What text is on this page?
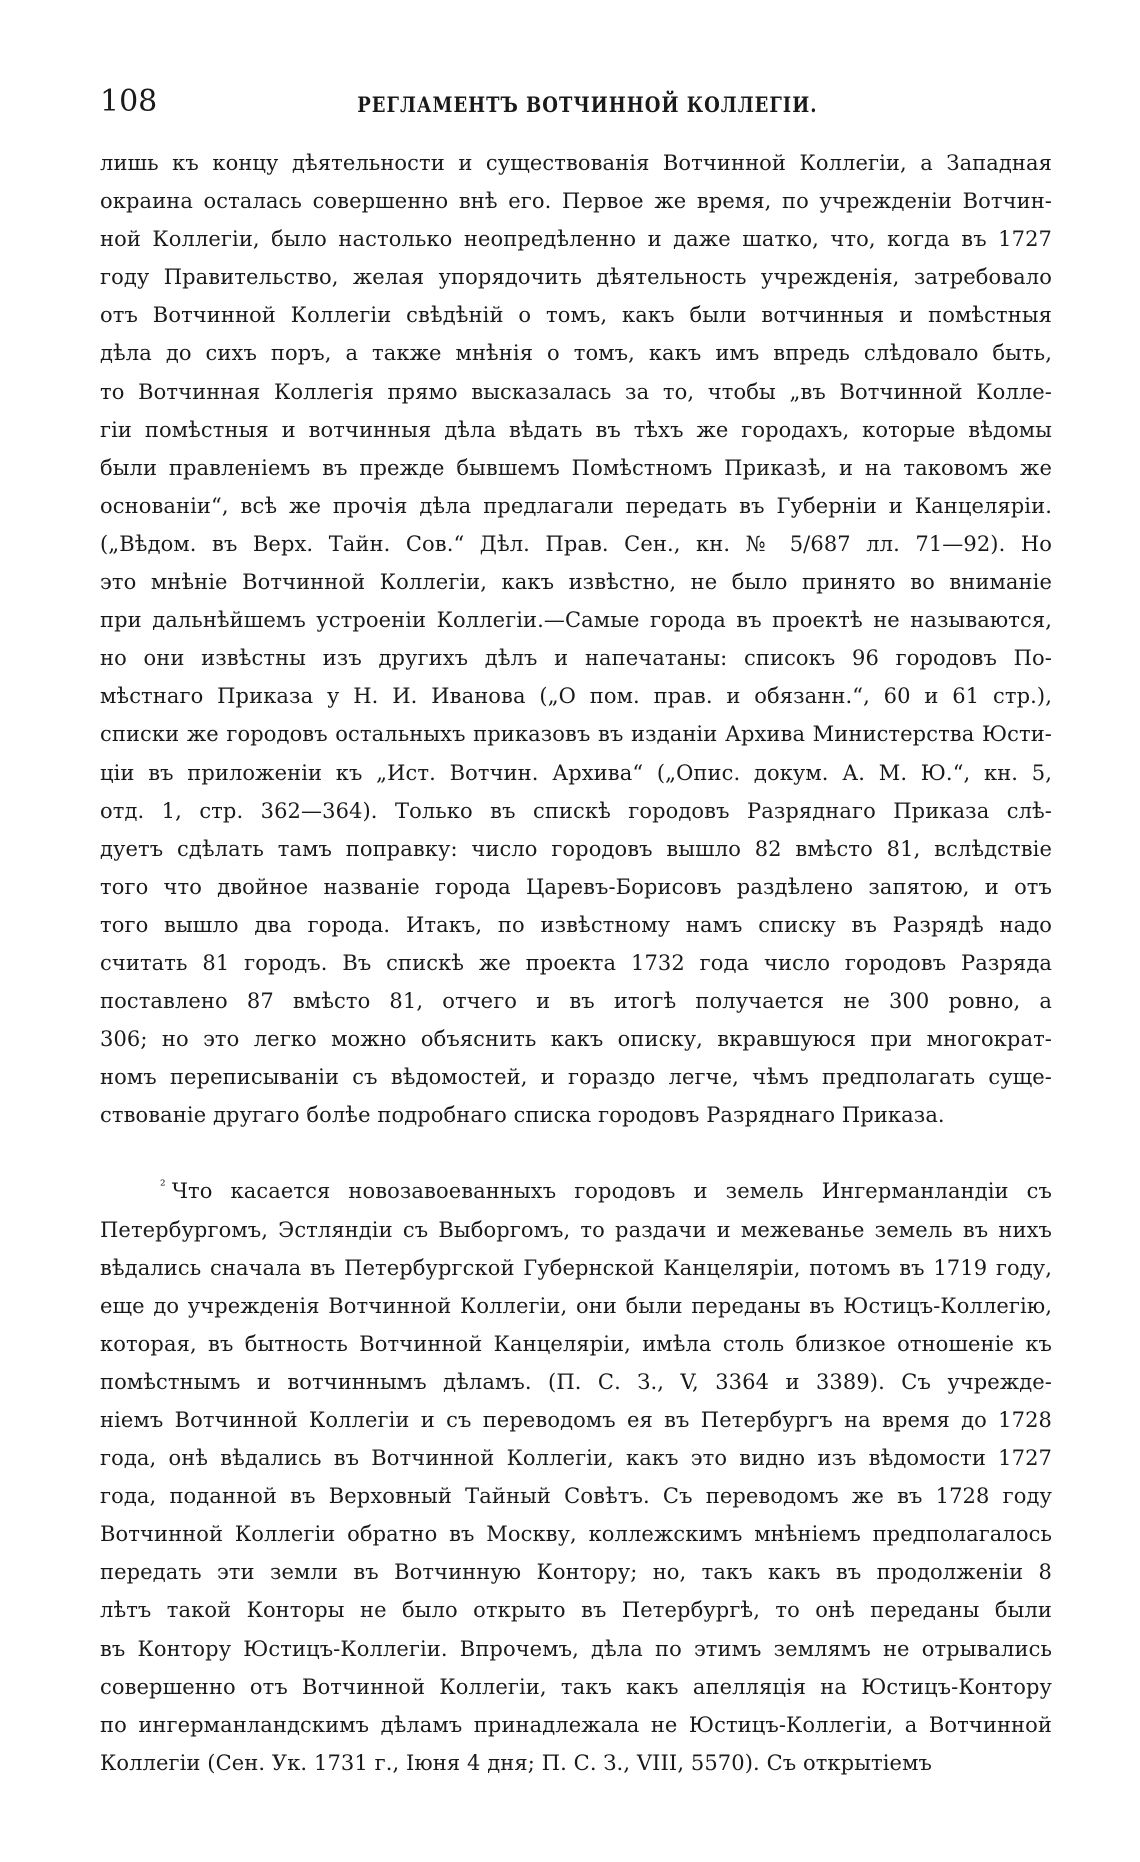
108	РЕГЛАМЕНТЪ ВОТЧИННОЙ КОЛЛЕГІИ.
лишь къ концу дѣятельности и существованія Вотчинной Коллегіи, а Западная
окраина осталась совершенно внѣ его. Первое же время, по учрежденіи Вотчин-
ной Коллегіи, было настолько неопредѣленно и даже шатко, что, когда въ 1727
году Правительство, желая упорядочить дѣятельность учрежденія, затребовало
отъ Вотчинной Коллегіи свѣдѣній о томъ, какъ были вотчинныя и помѣстныя
дѣла до сихъ поръ, а также мнѣнія о томъ, какъ имъ впредь слѣдовало быть,
то Вотчинная Коллегія прямо высказалась за то, чтобы „въ Вотчинной Колле-
гіи помѣстныя и вотчинныя дѣла вѣдать въ тѣхъ же городахъ, которые вѣдомы
были правленіемъ въ прежде бывшемъ Помѣстномъ Приказѣ, и на таковомъ же
основаніи“, всѣ же прочія дѣла предлагали передать въ Губерніи и Канцеляріи.
(„Вѣдом. въ Верх. Тайн. Сов.“ Дѣл. Прав. Сен., кн. № 5/687 лл. 71—92). Но
это мнѣніе Вотчинной Коллегіи, какъ извѣстно, не было принято во вниманіе
при дальнѣйшемъ устроеніи Коллегіи.—Самые города въ проектѣ не называются,
но они извѣстны изъ другихъ дѣлъ и напечатаны: списокъ 96 городовъ По-
мѣстнаго Приказа у Н. И. Иванова („О пом. прав. и обязанн.“, 60 и 61 стр.),
списки же городовъ остальныхъ приказовъ въ изданіи Архива Министерства Юсти-
ціи въ приложеніи къ „Ист. Вотчин. Архива“ („Опис. докум. А. М. Ю.“, кн. 5,
отд. 1, стр. 362—364). Только въ спискѣ городовъ Разряднаго Приказа слѣ-
дуетъ сдѣлать тамъ поправку: число городовъ вышло 82 вмѣсто 81, вслѣдствіе
того что двойное названіе города Царевъ-Борисовъ раздѣлено запятою, и отъ
того вышло два города. Итакъ, по извѣстному намъ списку въ Разрядѣ надо
считать 81 городъ. Въ спискѣ же проекта 1732 года число городовъ Разряда
поставлено 87 вмѣсто 81, отчего и въ итогѣ получается не 300 ровно, а
306; но это легко можно объяснить какъ описку, вкравшуюся при многократ-
номъ переписываніи съ вѣдомостей, и гораздо легче, чѣмъ предполагать суще-
ствованіе другаго болѣе подробнаго списка городовъ Разряднаго Приказа.
$^{^2}$ Что касается новозавоеванныхъ городовъ и земель Ингерманландіи съ
Петербургомъ, Эстляндіи съ Выборгомъ, то раздачи и межеванье земель въ нихъ
вѣдались сначала въ Петербургской Губернской Канцеляріи, потомъ въ 1719 году,
еще до учрежденія Вотчинной Коллегіи, они были переданы въ Юстицъ-Коллегію,
которая, въ бытность Вотчинной Канцеляріи, имѣла столь близкое отношеніе къ
помѣстнымъ и вотчиннымъ дѣламъ. (П. С. З., V, 3364 и 3389). Съ учрежде-
ніемъ Вотчинной Коллегіи и съ переводомъ ея въ Петербургъ на время до 1728
года, онѣ вѣдались въ Вотчинной Коллегіи, какъ это видно изъ вѣдомости 1727
года, поданной въ Верховный Тайный Совѣтъ. Съ переводомъ же въ 1728 году
Вотчинной Коллегіи обратно въ Москву, коллежскимъ мнѣніемъ предполагалось
передать эти земли въ Вотчинную Контору; но, такъ какъ въ продолженіи 8
лѣтъ такой Конторы не было открыто въ Петербургѣ, то онѣ переданы были
въ Контору Юстицъ-Коллегіи. Впрочемъ, дѣла по этимъ землямъ не отрывались
совершенно отъ Вотчинной Коллегіи, такъ какъ апелляція на Юстицъ-Контору
по ингерманландскимъ дѣламъ принадлежала не Юстицъ-Коллегіи, а Вотчинной
Коллегіи (Сен. Ук. 1731 г., Іюня 4 дня; П. С. З., VIII, 5570). Съ открытіемъ
